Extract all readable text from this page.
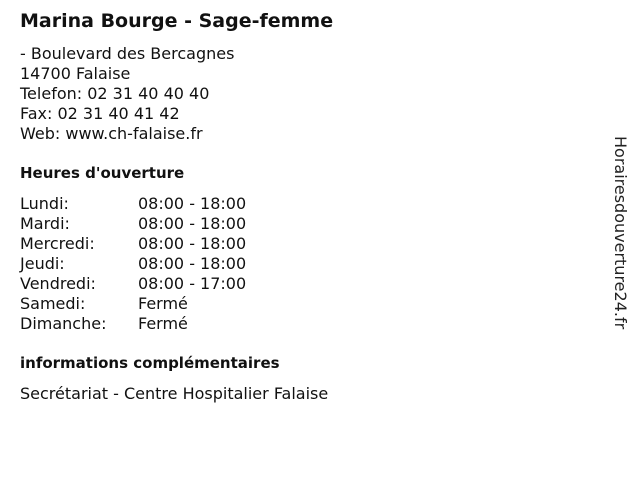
Marina Bourge - Sage-femme
- Boulevard des Bercagnes
14700 Falaise
Telefon: 02 31 40 40 40
Fax: 02 31 40 41 42
Web: www.ch-falaise.fr
Heures d'ouverture
Lundi:	08:00 - 18:00
Mardi:	08:00 - 18:00
Mercredi:	08:00 - 18:00
Jeudi:	08:00 - 18:00
Vendredi:	08:00 - 17:00
Samedi:	Fermé
Dimanche: Fermé
informations complémentaires
Secrétariat - Centre Hospitalier Falaise
Horairesdouverture24.fr
